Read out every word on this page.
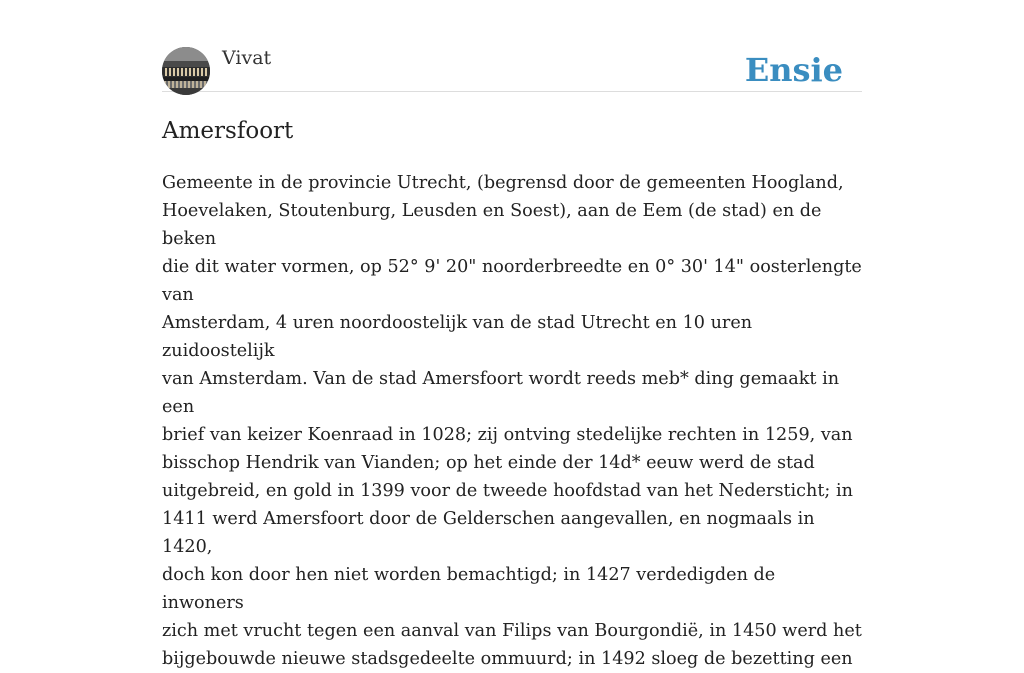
Vivat	Ensie
Amersfoort
Gemeente in de provincie Utrecht, (begrensd door de gemeenten Hoogland,
Hoevelaken, Stoutenburg, Leusden en Soest), aan de Eem (de stad) en de beken
die dit water vormen, op 52° 9' 20" noorderbreedte en 0° 30' 14" oosterlengte van
Amsterdam, 4 uren noordoostelijk van de stad Utrecht en 10 uren zuidoostelijk
van Amsterdam. Van de stad Amersfoort wordt reeds meb* ding gemaakt in een
brief van keizer Koenraad in 1028; zij ontving stedelijke rechten in 1259, van
bisschop Hendrik van Vianden; op het einde der 14d* eeuw werd de stad
uitgebreid, en gold in 1399 voor de tweede hoofdstad van het Nedersticht; in
1411 werd Amersfoort door de Gelderschen aangevallen, en nogmaals in 1420,
doch kon door hen niet worden bemachtigd; in 1427 verdedigden de inwoners
zich met vrucht tegen een aanval van Filips van Bourgondië, in 1450 werd het
bijgebouwde nieuwe stadsgedeelte ommuurd; in 1492 sloeg de bezetting een
